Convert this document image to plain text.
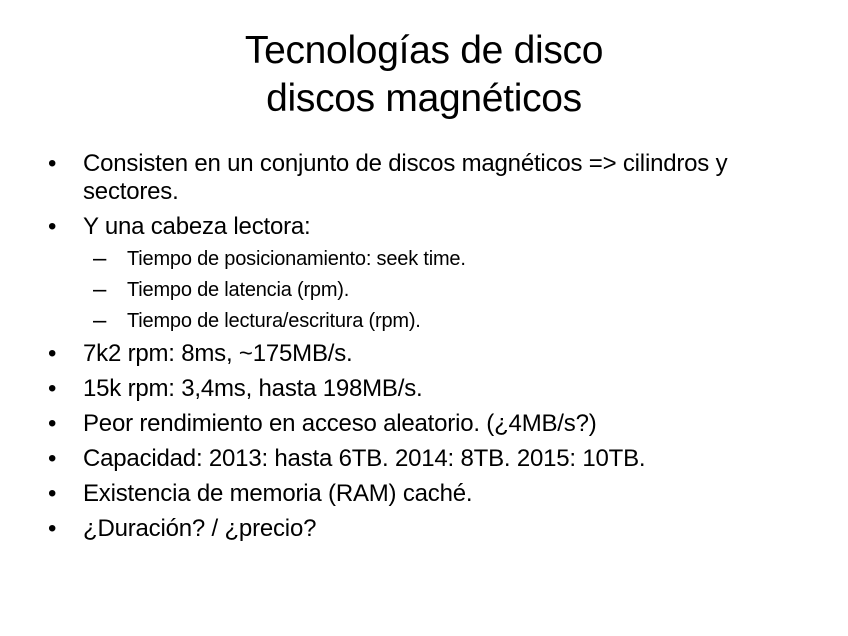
Tecnologías de disco
discos magnéticos
•	Consisten en un conjunto de discos magnéticos => cilindros y sectores.
•	Y una cabeza lectora:
–	Tiempo de posicionamiento: seek time.
–	Tiempo de latencia (rpm).
–	Tiempo de lectura/escritura (rpm).
•	7k2 rpm: 8ms, ~175MB/s.
•	15k rpm: 3,4ms, hasta 198MB/s.
•	Peor rendimiento en acceso aleatorio. (¿4MB/s?)
•	Capacidad: 2013: hasta 6TB. 2014: 8TB. 2015: 10TB.
•	Existencia de memoria (RAM) caché.
•	¿Duración? / ¿precio?
